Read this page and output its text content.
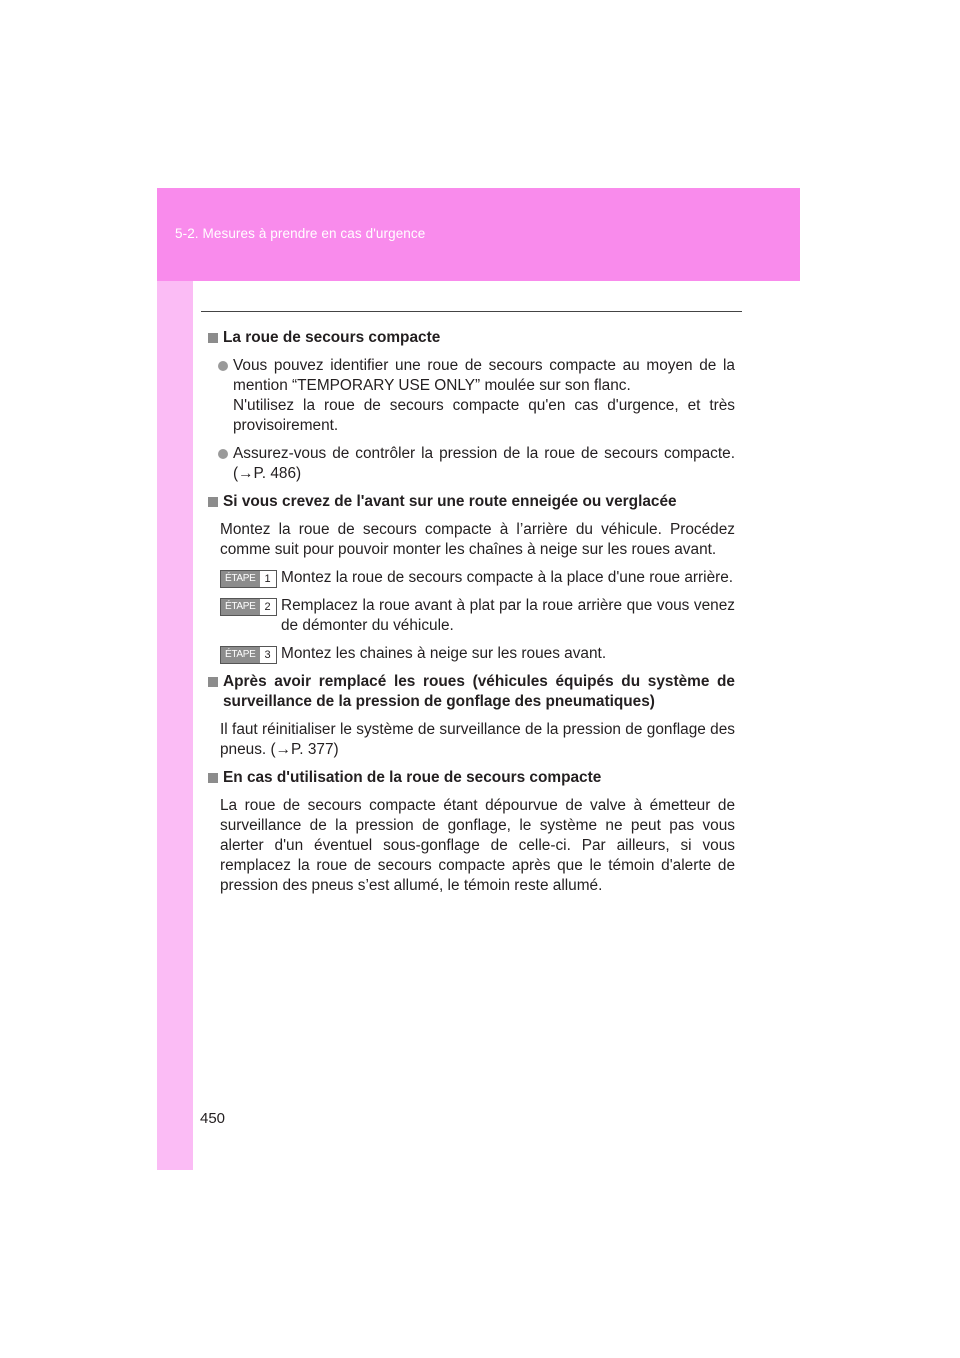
5-2. Mesures à prendre en cas d'urgence
La roue de secours compacte
Vous pouvez identifier une roue de secours compacte au moyen de la mention “TEMPORARY USE ONLY” moulée sur son flanc.
N'utilisez la roue de secours compacte qu'en cas d'urgence, et très provisoirement.
Assurez-vous de contrôler la pression de la roue de secours compacte. (→P. 486)
Si vous crevez de l'avant sur une route enneigée ou verglacée
Montez la roue de secours compacte à l’arrière du véhicule. Procédez comme suit pour pouvoir monter les chaînes à neige sur les roues avant.
ÉTAPE 1 Montez la roue de secours compacte à la place d'une roue arrière.
ÉTAPE 2 Remplacez la roue avant à plat par la roue arrière que vous venez de démonter du véhicule.
ÉTAPE 3 Montez les chaines à neige sur les roues avant.
Après avoir remplacé les roues (véhicules équipés du système de surveillance de la pression de gonflage des pneumatiques)
Il faut réinitialiser le système de surveillance de la pression de gonflage des pneus. (→P. 377)
En cas d'utilisation de la roue de secours compacte
La roue de secours compacte étant dépourvue de valve à émetteur de surveillance de la pression de gonflage, le système ne peut pas vous alerter d'un éventuel sous-gonflage de celle-ci. Par ailleurs, si vous remplacez la roue de secours compacte après que le témoin d'alerte de pression des pneus s’est allumé, le témoin reste allumé.
450
